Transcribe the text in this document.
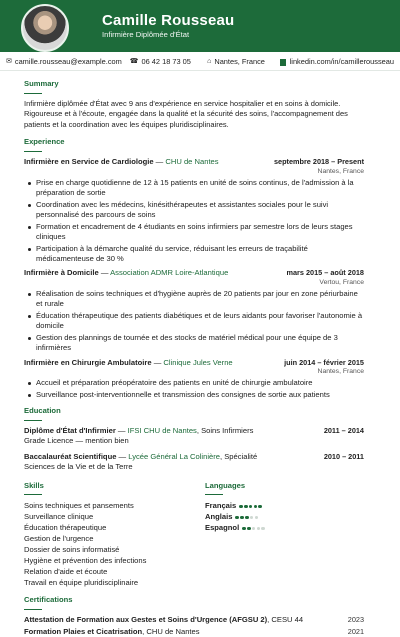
Camille Rousseau
Infirmière Diplômée d'État
✉ camille.rousseau@example.com ☎ 06 42 18 73 05 ⌂ Nantes, France	linkedin.com/in/camillerousseau
Summary
Infirmière diplômée d'État avec 9 ans d'expérience en service hospitalier et en soins à domicile. Rigoureuse et à l'écoute, engagée dans la qualité et la sécurité des soins, l'accompagnement des patients et la coordination avec les équipes pluridisciplinaires.
Experience
Infirmière en Service de Cardiologie — CHU de Nantes	septembre 2018 – Present
Nantes, France
Prise en charge quotidienne de 12 à 15 patients en unité de soins continus, de l'admission à la préparation de sortie
Coordination avec les médecins, kinésithérapeutes et assistantes sociales pour le suivi personnalisé des parcours de soins
Formation et encadrement de 4 étudiants en soins infirmiers par semestre lors de leurs stages cliniques
Participation à la démarche qualité du service, réduisant les erreurs de traçabilité médicamenteuse de 30 %
Infirmière à Domicile — Association ADMR Loire-Atlantique	mars 2015 – août 2018
Vertou, France
Réalisation de soins techniques et d'hygiène auprès de 20 patients par jour en zone périurbaine et rurale
Éducation thérapeutique des patients diabétiques et de leurs aidants pour favoriser l'autonomie à domicile
Gestion des plannings de tournée et des stocks de matériel médical pour une équipe de 3 infirmières
Infirmière en Chirurgie Ambulatoire — Clinique Jules Verne	juin 2014 – février 2015
Nantes, France
Accueil et préparation préopératoire des patients en unité de chirurgie ambulatoire
Surveillance post-interventionnelle et transmission des consignes de sortie aux patients
Education
Diplôme d'État d'Infirmier — IFSI CHU de Nantes, Soins Infirmiers	2011 – 2014
Grade Licence — mention bien
Baccalauréat Scientifique — Lycée Général La Colinière, Spécialité	2010 – 2011
Sciences de la Vie et de la Terre
Skills
Soins techniques et pansements
Surveillance clinique
Éducation thérapeutique
Gestion de l'urgence
Dossier de soins informatisé
Hygiène et prévention des infections
Relation d'aide et écoute
Travail en équipe pluridisciplinaire
Languages
Français
Anglais
Espagnol
Certifications
Attestation de Formation aux Gestes et Soins d'Urgence (AFGSU 2), CESU 44	2023
Formation Plaies et Cicatrisation, CHU de Nantes	2021
